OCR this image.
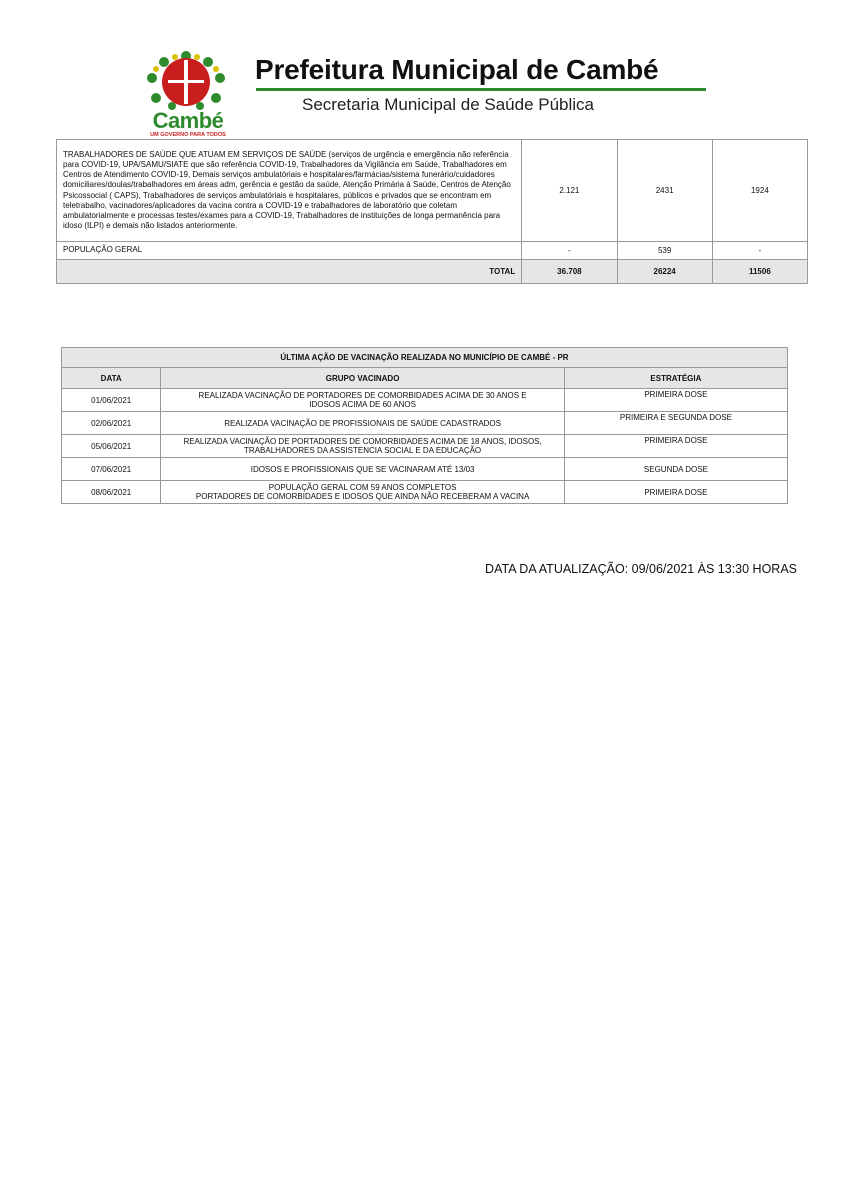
Cambé
UM GOVERNO PARA TODOS
Prefeitura Municipal de Cambé
Secretaria Municipal de Saúde Pública
TRABALHADORES DE SAÚDE QUE ATUAM EM SERVIÇOS DE SAÚDE (serviços de urgência e emergência não referência para COVID-19, UPA/SAMU/SIATE que são referência COVID-19, Trabalhadores da Vigilância em Saúde, Trabalhadores em Centros de Atendimento COVID-19, Demais serviços ambulatóriais e hospitalares/farmácias/sistema funerário/cuidadores domiciliares/doulas/trabalhadores em áreas adm, gerência e gestão da saúde, Atenção Primária à Saúde, Centros de Atenção Psicossocial ( CAPS), Trabalhadores de serviços ambulatóriais e hospitalares, públicos e privados que se encontram em teletrabalho, vacinadores/aplicadores da vacina contra a COVID-19 e trabalhadores de laboratório que coletam ambulatorialmente e processas testes/exames para a COVID-19, Trabalhadores de instituições de longa permanência para idoso (ILPI) e demais não listados anteriormente.	2.121	2431	1924
POPULAÇÃO GERAL	-	539	-
TOTAL	36.708	26224	11506
ÚLTIMA AÇÃO DE VACINAÇÃO REALIZADA NO MUNICÍPIO DE CAMBÉ - PR		
DATA	GRUPO VACINADO	ESTRATÉGIA
01/06/2021	REALIZADA VACINAÇÃO DE PORTADORES DE COMORBIDADES ACIMA DE 30 ANOS E
IDOSOS ACIMA DE 60 ANOS	PRIMEIRA DOSE
02/06/2021	REALIZADA VACINAÇÃO DE PROFISSIONAIS DE SAÚDE CADASTRADOS	PRIMEIRA E SEGUNDA DOSE
05/06/2021	REALIZADA VACINAÇÃO DE PORTADORES DE COMORBIDADES ACIMA DE 18 ANOS, IDOSOS,
TRABALHADORES DA ASSISTENCIA SOCIAL E DA EDUCAÇÃO	PRIMEIRA DOSE
07/06/2021	IDOSOS E PROFISSIONAIS QUE SE VACINARAM ATÉ 13/03	SEGUNDA DOSE
08/06/2021	POPULAÇÃO GERAL COM 59 ANOS COMPLETOS
PORTADORES DE COMORBIDADES E IDOSOS QUE AINDA NÃO RECEBERAM A VACINA	PRIMEIRA DOSE
DATA DA ATUALIZAÇÃO: 09/06/2021 ÀS 13:30 HORAS
